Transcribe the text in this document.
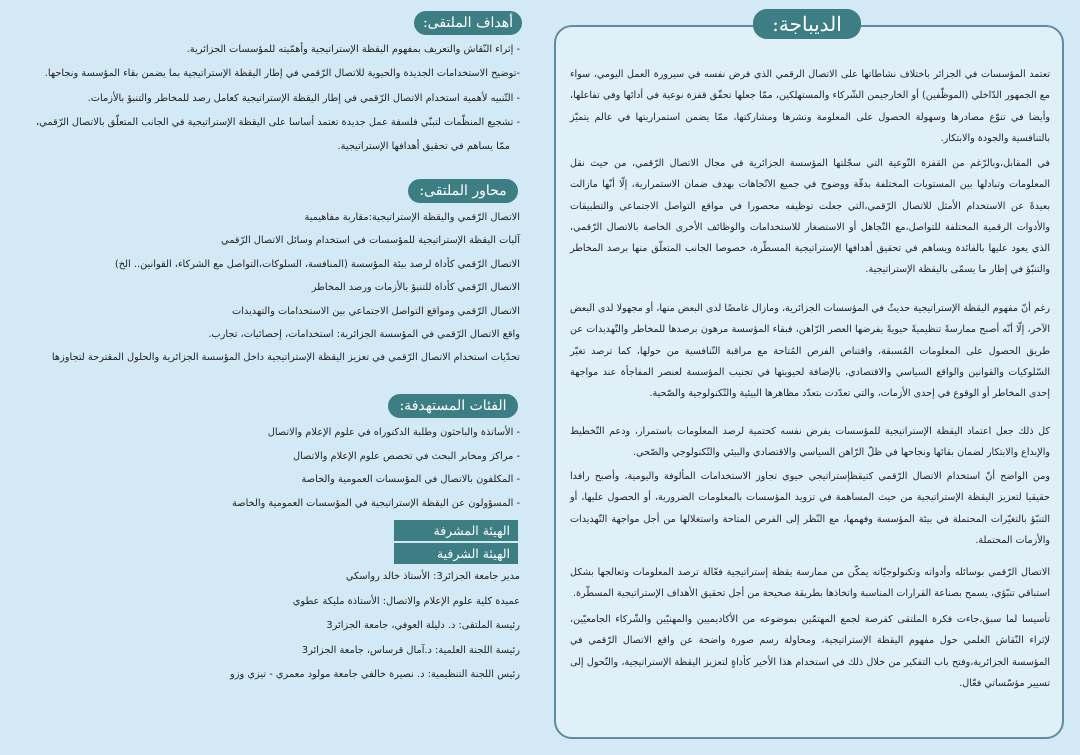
الديباجة:

تعتمد المؤسسات في الجزائر باختلاف نشاطاتها على الاتصال الرقمي الذي فرض نفسه في سيرورة العمل اليومي، سواء مع الجمهور الدّاخلي (الموظّفين) أو الخارجيمن الشّركاء والمستهلكين، ممّا جعلها تحقّق قفزة نوعية في أدائها وفي تفاعلها، وأيضا في تنوّع مصادرها وسهولة الحصول على المعلومة ونشرها ومشاركتها، ممّا يضمن استمراريتها في عالم يتميّز بالتنافسية والجودة والابتكار.

في المقابل،وبالرّغم من القفزة النّوعية التي سجّلتها المؤسسة الجزائرية في مجال الاتصال الرّقمي، من حيث نقل المعلومات وتبادلها بين المستويات المختلفة بدقّة ووضوح في جميع الاتّجاهات بهدف ضمان الاستمرارية، إلّا أنّها مازالت بعيدةً عن الاستخدام الأمثل للاتصال الرّقمي،التي جعلت توظيفه محصورا في مواقع التواصل الاجتماعي والتطبيقات والأدوات الرقمية المختلفة للتواصل،مع التّجاهل أو الاستصغار للاستخدامات والوظائف الأخرى الخاصة بالاتصال الرّقمي، الذي يعود عليها بالفائدة ويساهم في تحقيق أهدافها الإستراتيجية المسطّرة، خصوصا الجانب المتعلّق منها برصد المخاطر والتنبّؤ في إطار ما يسمّى باليقظة الإستراتيجية.

رغم أنّ مفهوم اليقظة الإستراتيجية حديثٌ في المؤسسات الجزائرية، ومازال غامضًا لدى البعض منها، أو مجهولا لدى البعض الآخر، إلّا أنّه أصبح ممارسةً تنظيميةً حيويةً يفرضها العصر الرّاهن، فبقاء المؤسسة مرهون برصدها للمخاطر والتّهديدات عن طريق الحصول على المعلومات المُسبقة، واقتناص الفرص المُتاحة مع مراقبة التّنافسية من حولها، كما ترصد تغيّر السّلوكيات والقوانين والواقع السياسي والاقتصادي، بالإضافة لحيويتها في تجنيب المؤسسة لعنصر المفاجأة عند مواجهة إحدى المخاطر أو الوقوع في إحدى الأزمات، والتي تعدّدت بتعدّد مظاهرها البيئية والتّكنولوجية والصّحية.

كل ذلك جعل اعتماد اليقظة الإستراتيجية للمؤسسات يفرض نفسه كحتمية لرصد المعلومات باستمرار، ودعم التّخطيط والإبداع والابتكار لضمان بقائها ونجاحها في ظلّ الرّاهن السياسي والاقتصادي والبيئي والتّكنولوجي والصّحي.

ومن الواضح أنّ استخدام الاتصال الرّقمي كتيقظإستراتيجي حيوي تجاوز الاستخدامات المألوفة واليومية، وأصبح رافدا حقيقيا لتعزيز اليقظة الإستراتيجية من حيث المساهمة في تزويد المؤسسات بالمعلومات الضرورية، أو الحصول عليها، أو التنبّؤ بالتغيّرات المحتملة في بيئة المؤسسة وفهمها، مع النّظر إلى الفرص المتاحة واستغلالها من أجل مواجهة التّهديدات والأزمات المحتملة.

الاتصال الرّقمي بوسائله وأدواته وتكنولوجيّاته يمكّن من ممارسة يقظة إستراتيجية فعّالة ترصد المعلومات وتعالجها بشكل استباقي تنبّؤي، يسمح بصناعة القرارات المناسبة واتخاذها بطريقة صحيحة من أجل تحقيق الأهداف الإستراتيجية المسطّرة.

تأسيسا لما سبق،جاءت فكرة الملتقى كفرصة لجمع المهتمّين بموضوعه من الأكاديميين والمهنيّين والشّركاء الجامعيّين، لإثراء النّقاش العلمي حول مفهوم اليقظة الإستراتيجية، ومحاولة رسم صورة واضحة عن واقع الاتصال الرّقمي في المؤسسة الجزائرية،وفتح باب التفكير من خلال ذلك في استخدام هذا الأخير كأداةٍ لتعزيز اليقظة الإستراتيجية، والتّحول إلى تسيير مؤسّساتي فعّال.

أهداف الملتقى:
- إثراء النّقاش والتعريف بمفهوم اليقظة الإستراتيجية وأهمّيته للمؤسسات الجزائرية.
-توضيح الاستخدامات الجديدة والحيوية للاتصال الرّقمي في إطار اليقظة الإستراتيجية بما يضمن بقاء المؤسسة ونجاحها.
- التّنبيه لأهمية استخدام الاتصال الرّقمي في إطار اليقظة الإستراتيجية كعامل رصد للمخاطر والتنبؤ بالأزمات.
- تشجيع المنظّمات لتبنّي فلسفة عمل جديدة تعتمد أساسا على اليقظة الإستراتيجية في الجانب المتعلّق بالاتصال الرّقمي،
ممّا يساهم في تحقيق أهدافها الإستراتيجية.
محاور الملتقى:
الاتصال الرّقمي واليقظة الإستراتيجية:مقاربة مفاهيمية
آليات اليقظة الإستراتيجية للمؤسسات في استخدام وسائل الاتصال الرّقمي
الاتصال الرّقمي كأداة لرصد بيئة المؤسسة (المنافسة، السلوكات،التواصل مع الشركاء، القوانين.. الخ)
الاتصال الرّقمي كأداة للتنبؤ بالأزمات ورصد المخاطر
الاتصال الرّقمي ومواقع التواصل الاجتماعي بين الاستخدامات والتهديدات
واقع الاتصال الرّقمي في المؤسسة الجزائرية: استخدامات، إحصائيات، تجارب.
تحدّيات استخدام الاتصال الرّقمي في تعزيز اليقظة الإستراتيجية داخل المؤسسة الجزائرية والحلول المقترحة لتجاوزها
الفئات المستهدفة:
- الأساتذة والباحثون وطلبة الدكتوراه في علوم الإعلام والاتصال
- مراكز ومخابر البحث في تخصص علوم الإعلام والاتصال
- المكلفون بالاتصال في المؤسسات العمومية والخاصة
- المسؤولون عن اليقظة الإستراتيجية في المؤسسات العمومية والخاصة
الهيئة المشرفة
الهيئة الشرفية
مدير جامعة الجزائر3: الأستاذ خالد رواسكي
عميدة كلية علوم الإعلام والاتصال: الأستاذة مليكة عطوي
رئيسة الملتقى: د. دليلة العوفي، جامعة الجزائر3
رئيسة اللجنة العلمية: د.آمال قرساس، جامعة الجزائر3
رئيس اللجنة التنظيمية: د. نصيرة خالفي جامعة مولود معمري - تيزي وزو
